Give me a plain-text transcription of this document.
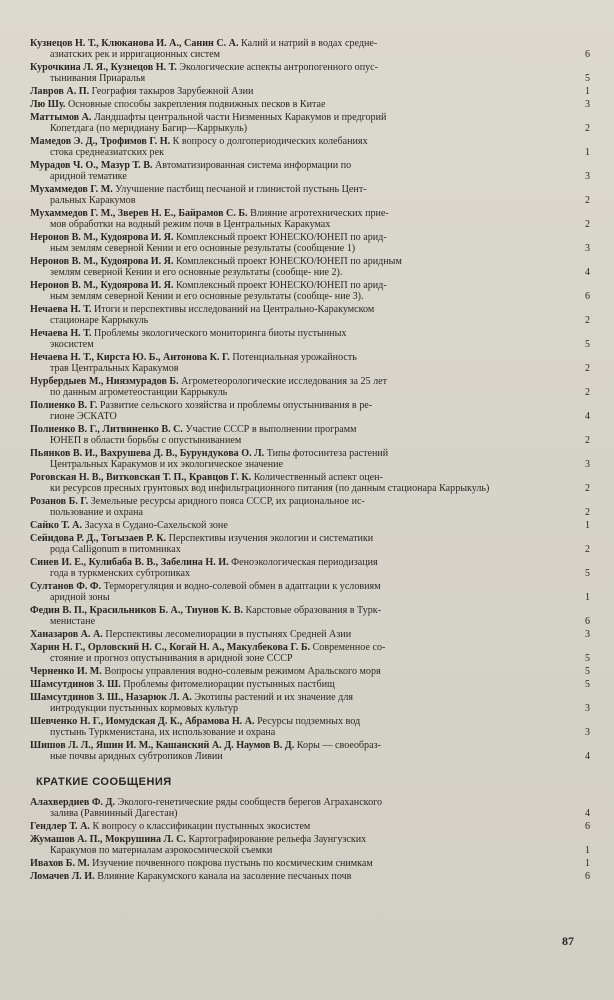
Кузнецов Н. Т., Клюканова И. А., Санин С. А. Калий и натрий в водах средне-
азиатских рек и ирригационных систем	6
Курочкина Л. Я., Кузнецов Н. Т. Экологические аспекты антропогенного опус-
тынивания Приаралья	5
Лавров А. П. География такыров Зарубежной Азии	1
Лю Шу. Основные способы закрепления подвижных песков в Китае	3
Маттымов А. Ландшафты центральной части Низменных Каракумов и предгорий
Копетдага (по меридиану Багир—Каррыкуль)	2
Мамедов Э. Д., Трофимов Г. Н. К вопросу о долгопериодических колебаниях
стока среднеазиатских рек	1
Мурадов Ч. О., Мазур Т. В. Автоматизированная система информации по
аридной тематике	3
Мухаммедов Г. М. Улучшение пастбищ песчаной и глинистой пустынь Цент-
ральных Каракумов	2
Мухаммедов Г. М., Зверев Н. Е., Байрамов С. Б. Влияние агротехнических прие-
мов обработки на водный режим почв в Центральных Каракумах	2
Неронов В. М., Кудоярова И. Я. Комплексный проект ЮНЕСКО/ЮНЕП по арид-
ным землям северной Кении и его основные результаты (сообщение 1)	3
Неронов В. М., Кудоярова И. Я. Комплексный проект ЮНЕСКО/ЮНЕП по аридным
землям северной Кении и его основные результаты (сообще- ние 2).	4
Неронов В. М., Кудоярова И. Я. Комплексный проект ЮНЕСКО/ЮНЕП по арид-
ным землям северной Кении и его основные результаты (сообще- ние 3).	6
Нечаева Н. Т. Итоги и перспективы исследований на Центрально-Каракумском
стационаре Каррыкуль	2
Нечаева Н. Т. Проблемы экологического мониторинга биоты пустынных
экосистем	5
Нечаева Н. Т., Кирста Ю. Б., Антонова К. Г. Потенциальная урожайность
трав Центральных Каракумов	2
Нурбердыев М., Ниязмурадов Б. Агрометеорологические исследования за 25 лет
по данным агрометеостанции Каррыкуль	2
Полиенко В. Г. Развитие сельского хозяйства и проблемы опустынивания в ре-
гионе ЭСКАТО	4
Полиенко В. Г., Литвиненко В. С. Участие СССР в выполнении программ
ЮНЕП в области борьбы с опустыниванием	2
Пьянков В. И., Вахрушева Д. В., Бурундукова О. Л. Типы фотосинтеза растений
Центральных Каракумов и их экологическое значение	3
Роговская Н. В., Витковская Т. П., Кравцов Г. К. Количественный аспект оцен-
ки ресурсов пресных грунтовых вод инфильтрационного питания (по данным стационара Каррыкуль)	2
Розанов Б. Г. Земельные ресурсы аридного пояса СССР, их рациональное ис-
пользование и охрана	2
Сайко Т. А. Засуха в Судано-Сахельской зоне	1
Сейидова Р. Д., Тогызаев Р. К. Перспективы изучения экологии и систематики
рода Calligonum в питомниках	2
Синев И. Е., Кулибаба В. В., Забелина Н. И. Феноэкологическая периодизация
года в туркменских субтропиках	5
Султанов Ф. Ф. Терморегуляция и водно-солевой обмен в адаптации к условиям
аридной зоны	1
Федин В. П., Красильников Б. А., Тиунов К. В. Карстовые образования в Турк-
менистане	6
Ханазаров А. А. Перспективы лесомелиорации в пустынях Средней Азии	3
Харин Н. Г., Орловский Н. С., Когай Н. А., Макулбекова Г. Б. Современное со-
стояние и прогноз опустынивания в аридной зоне СССР	5
Черненко И. М. Вопросы управления водно-солевым режимом Аральского моря	5
Шамсутдинов З. Ш. Проблемы фитомелиорации пустынных пастбищ	5
Шамсутдинов З. Ш., Назарюк Л. А. Экотипы растений и их значение для
интродукции пустынных кормовых культур	3
Шевченко Н. Г., Иомудская Д. К., Абрамова Н. А. Ресурсы подземных вод
пустынь Туркменистана, их использование и охрана	3
Шишов Л. Л., Яшин И. М., Кашанский А. Д. Наумов В. Д. Коры — своеобраз-
ные почвы аридных субтропиков Ливии	4
КРАТКИЕ СООБЩЕНИЯ
Алахвердиев Ф. Д. Эколого-генетические ряды сообществ берегов Аграханского
залива (Равнинный Дагестан)	4
Гендлер Т. А. К вопросу о классификации пустынных экосистем	6
Жумашов А. П., Мокрушина Л. С. Картографирование рельефа Заунгузских
Каракумов по материалам аэрокосмической съемки	1
Ивахов Б. М. Изучение почвенного покрова пустынь по космическим снимкам	1
Ломачев Л. И. Влияние Каракумского канала на засоление песчаных почв	6
87
